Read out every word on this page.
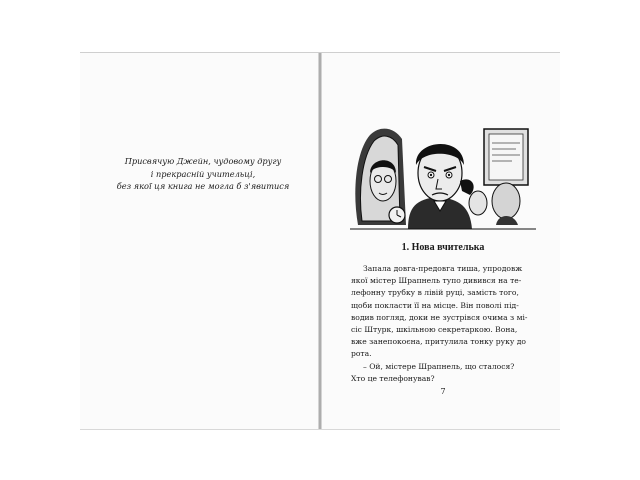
Присвячую Джейн, чудовому другу
і прекрасній учительці,
без якої ця книга не могла б з'явитися
1. Нова вчителька
Запала довга-предовга тиша, упродовж
якої містер Шрапнель тупо дивився на те-
лефонну трубку в лівій руці, замість того,
щоби покласти її на місце. Він поволі під-
водив погляд, доки не зустрівся очима з мі-
сіс Штурк, шкільною секретаркою. Вона,
вже занепокоєна, притулила тонку руку до
рота.
– Ой, містере Шрапнель, що сталося?
Хто це телефонував?
7
